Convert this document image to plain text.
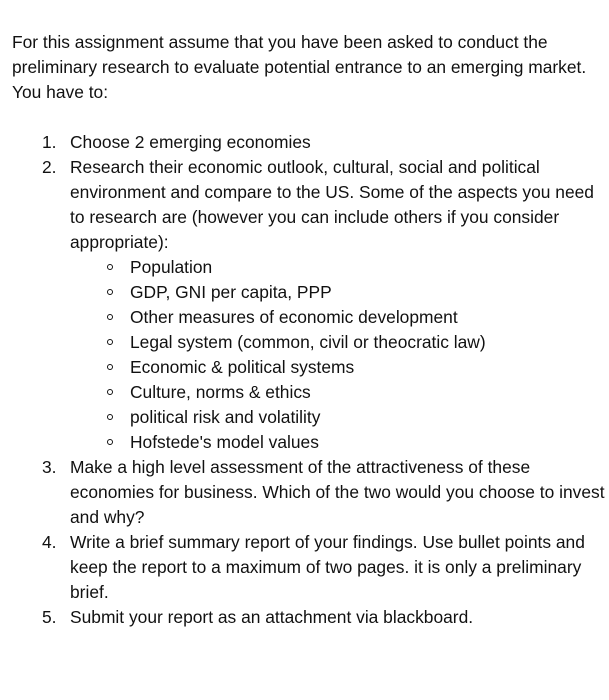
For this assignment assume that you have been asked to conduct the preliminary research to evaluate potential entrance to an emerging market. You have to:

1. Choose 2 emerging economies
2. Research their economic outlook, cultural, social and political environment and compare to the US. Some of the aspects you need to research are (however you can include others if you consider appropriate):
Population
GDP, GNI per capita, PPP
Other measures of economic development
Legal system (common, civil or theocratic law)
Economic & political systems
Culture, norms & ethics
political risk and volatility
Hofstede's model values
3. Make a high level assessment of the attractiveness of these economies for business. Which of the two would you choose to invest and why?
4. Write a brief summary report of your findings. Use bullet points and keep the report to a maximum of two pages. it is only a preliminary brief.
5. Submit your report as an attachment via blackboard.
